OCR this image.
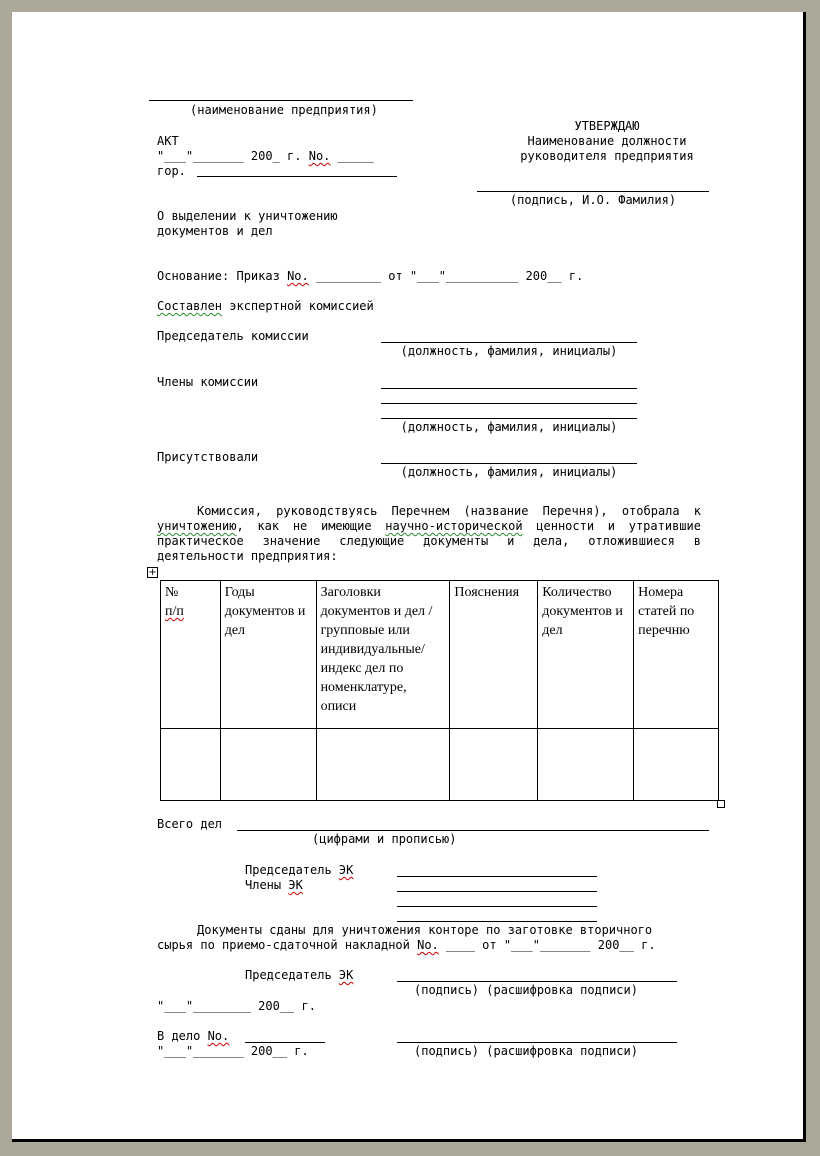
(наименование предприятия)
АКТ
"___"_______ 200_ г. No. _____
гор.
УТВЕРЖДАЮ
Наименование должности
руководителя предприятия
(подпись, И.О. Фамилия)
О выделении к уничтожению
документов и дел
Основание: Приказ No. _________ от "___"__________ 200__ г.
Составлен экспертной комиссией
Председатель комиссии
(должность, фамилия, инициалы)
Члены комиссии
(должность, фамилия, инициалы)
Присутствовали
(должность, фамилия, инициалы)
Комиссия, руководствуясь Перечнем (название Перечня), отобрала к уничтожению, как не имеющие научно-исторической ценности и утратившие практическое значение следующие документы и дела, отложившиеся в деятельности предприятия:
+
№
п/п	Годы документов и дел	Заголовки документов и дел /групповые или индивидуальные/ индекс дел по номенклатуре, описи	Пояснения	Количество документов и дел	Номера статей по перечню

Всего дел
(цифрами и прописью)
Председатель ЭК
Члены ЭК
Документы сданы для уничтожения конторе по заготовке вторичного
сырья по приемо-сдаточной накладной No. ____ от "___"_______ 200__ г.
Председатель ЭК
(подпись) (расшифровка подписи)
"___"________ 200__ г.
В дело No.
"___"_______ 200__ г.	(подпись) (расшифровка подписи)
